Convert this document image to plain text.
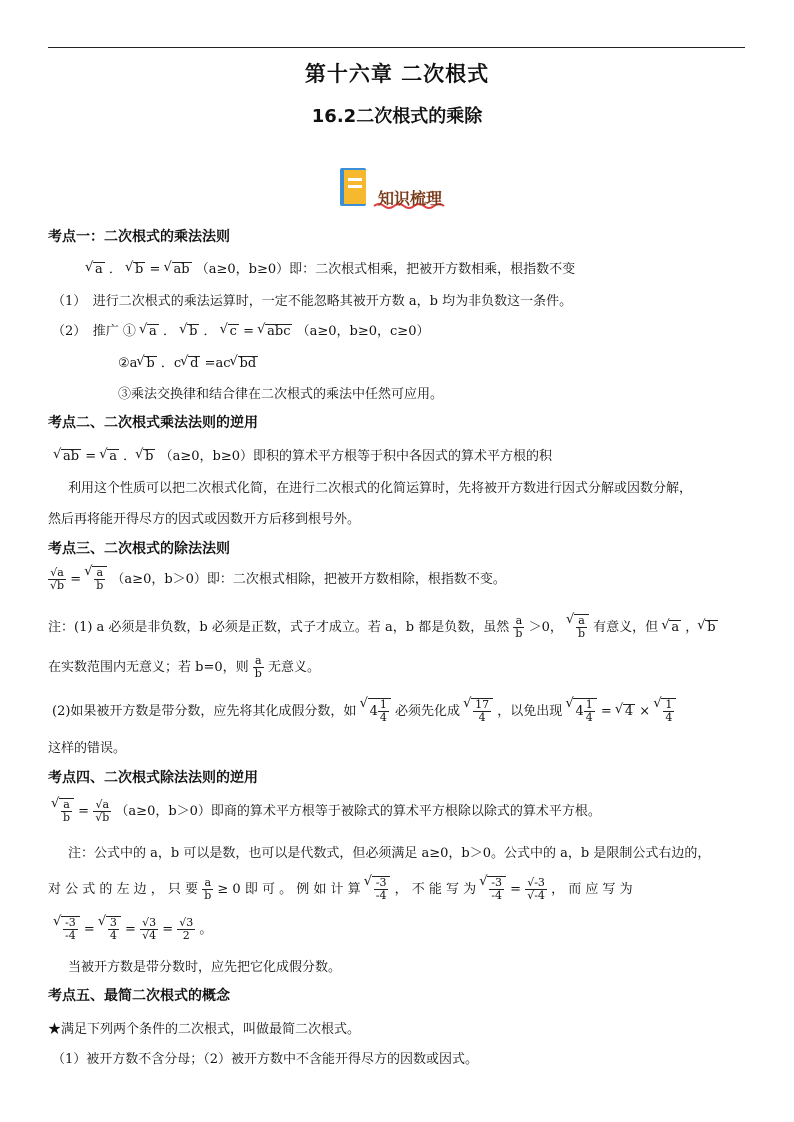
第十六章 二次根式
16.2二次根式的乘除
知识梳理
考点一：二次根式的乘法法则
√ a ． √ b = √ ab （a≥0，b≥0）即：二次根式相乘，把被开方数相乘，根指数不变
（1）　进行二次根式的乘法运算时，一定不能忽略其被开方数 a，b 均为非负数这一条件。
（2）　推广 ① √ a ． √ b ． √ c = √ abc （a≥0，b≥0，c≥0）
②a √ b ．c √ d =ac √ bd
③乘法交换律和结合律在二次根式的乘法中任然可应用。
考点二、二次根式乘法法则的逆用
√ ab = √ a ． √ b （a≥0，b≥0）即积的算术平方根等于积中各因式的算术平方根的积
利用这个性质可以把二次根式化简，在进行二次根式的化简运算时，先将被开方数进行因式分解或因数分解，
然后再将能开得尽方的因式或因数开方后移到根号外。
考点三、二次根式的除法法则
$\frac{√a}{√b}$ = √ $\frac{a}{b} (a\ge 0$，b＞0）即：二次根式相除，把被开方数相除，根指数不变。
注：(1) a 必须是非负数，b 必须是正数，式子才成立。若 a，b 都是负数，虽然 $\frac{a}{b} >0$， √ $\frac{a}{b}$ 有意义，但 √ a ， √ b
在实数范围内无意义；若 b=0，则 $\frac{a}{b}$ 无意义。
(2)如果被开方数是带分数，应先将其化成假分数，如 √ $4 \frac{1}{4}$ 必须先化成 √ $\frac{17}{4}$ ，以免出现 √ $4 \frac{1}{4}$ = √ 4 × √ $\frac{1}{4}$
这样的错误。
考点四、二次根式除法法则的逆用
√ $\frac{a}{b} = \frac{√a}{√b} (a\ge 0$，b＞0）即商的算术平方根等于被除式的算术平方根除以除式的算术平方根。
注：公式中的 a，b 可以是数，也可以是代数式，但必须满足 a≥0，b＞0。公式中的 a，b 是限制公式右边的，
对 公 式 的 左 边 ， 只 要 $\frac{a}{b} \ge 0$ 即 可 。 例 如 计 算 √ $\frac{-3}{-4}$ ， 不 能 写 为 √ $\frac{-3}{-4} = \frac{√-3}{√-4}$ ， 而 应 写 为
√ $\frac{-3}{-4}$ = √ $\frac{3}{4} = \frac{√3}{√4} = \frac{√3}{2}$ 。
当被开方数是带分数时，应先把它化成假分数。
考点五、最简二次根式的概念
★满足下列两个条件的二次根式，叫做最简二次根式。
（1）被开方数不含分母；（2）被开方数中不含能开得尽方的因数或因式。
